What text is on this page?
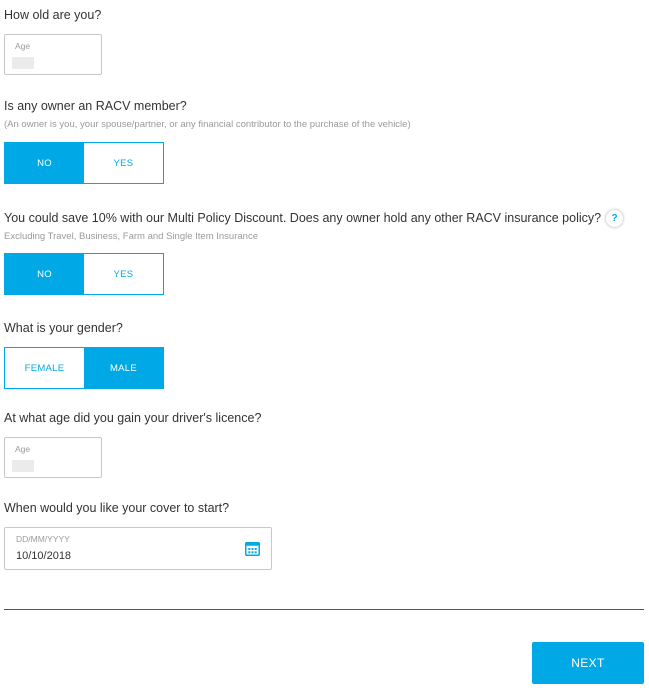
How old are you?
Age
Is any owner an RACV member?
(An owner is you, your spouse/partner, or any financial contributor to the purchase of the vehicle)
NO	YES
You could save 10% with our Multi Policy Discount. Does any owner hold any other RACV insurance policy? ?
Excluding Travel, Business, Farm and Single Item Insurance
NO	YES
What is your gender?
FEMALE	MALE
At what age did you gain your driver's licence?
Age
When would you like your cover to start?
DD/MM/YYYY
10/10/2018
NEXT
